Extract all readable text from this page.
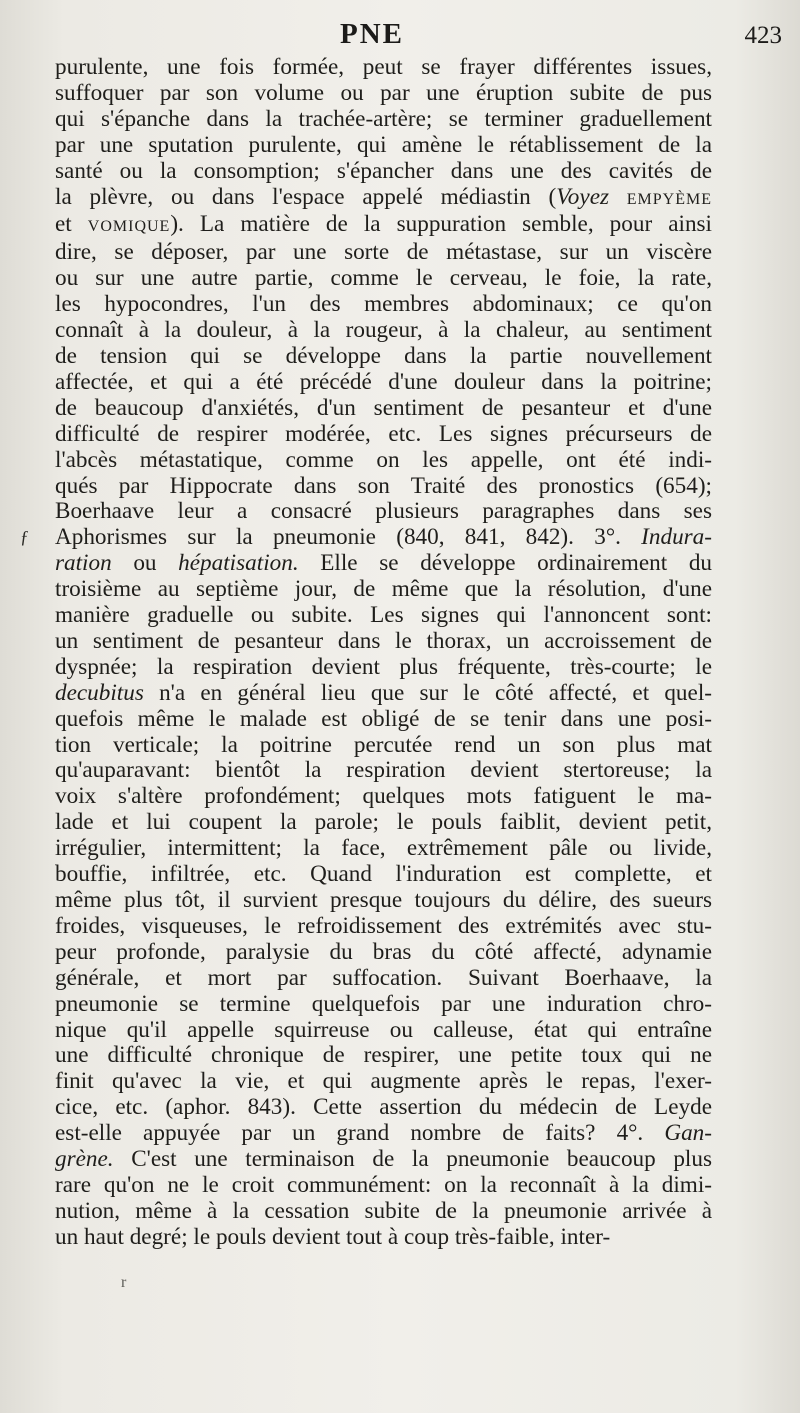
PNE	423
ƒ
purulente, une fois formée, peut se frayer différentes issues,
suffoquer par son volume ou par une éruption subite de pus
qui s'épanche dans la trachée-artère; se terminer graduellement
par une sputation purulente, qui amène le rétablissement de la
santé ou la consomption; s'épancher dans une des cavités de
la plèvre, ou dans l'espace appelé médiastin (Voyez EMPYÈME
et VOMIQUE). La matière de la suppuration semble, pour ainsi
dire, se déposer, par une sorte de métastase, sur un viscère
ou sur une autre partie, comme le cerveau, le foie, la rate,
les hypocondres, l'un des membres abdominaux; ce qu'on
connaît à la douleur, à la rougeur, à la chaleur, au sentiment
de tension qui se développe dans la partie nouvellement
affectée, et qui a été précédé d'une douleur dans la poitrine;
de beaucoup d'anxiétés, d'un sentiment de pesanteur et d'une
difficulté de respirer modérée, etc. Les signes précurseurs de
l'abcès métastatique, comme on les appelle, ont été indi-
qués par Hippocrate dans son Traité des pronostics (654);
Boerhaave leur a consacré plusieurs paragraphes dans ses
Aphorismes sur la pneumonie (840, 841, 842). 3°. Indura-
ration ou hépatisation. Elle se développe ordinairement du
troisième au septième jour, de même que la résolution, d'une
manière graduelle ou subite. Les signes qui l'annoncent sont:
un sentiment de pesanteur dans le thorax, un accroissement de
dyspnée; la respiration devient plus fréquente, très-courte; le
decubitus n'a en général lieu que sur le côté affecté, et quel-
quefois même le malade est obligé de se tenir dans une posi-
tion verticale; la poitrine percutée rend un son plus mat
qu'auparavant: bientôt la respiration devient stertoreuse; la
voix s'altère profondément; quelques mots fatiguent le ma-
lade et lui coupent la parole; le pouls faiblit, devient petit,
irrégulier, intermittent; la face, extrêmement pâle ou livide,
bouffie, infiltrée, etc. Quand l'induration est complette, et
même plus tôt, il survient presque toujours du délire, des sueurs
froides, visqueuses, le refroidissement des extrémités avec stu-
peur profonde, paralysie du bras du côté affecté, adynamie
générale, et mort par suffocation. Suivant Boerhaave, la
pneumonie se termine quelquefois par une induration chro-
nique qu'il appelle squirreuse ou calleuse, état qui entraîne
une difficulté chronique de respirer, une petite toux qui ne
finit qu'avec la vie, et qui augmente après le repas, l'exer-
cice, etc. (aphor. 843). Cette assertion du médecin de Leyde
est-elle appuyée par un grand nombre de faits? 4°. Gan-
grène. C'est une terminaison de la pneumonie beaucoup plus
rare qu'on ne le croit communément: on la reconnaît à la dimi-
nution, même à la cessation subite de la pneumonie arrivée à
un haut degré; le pouls devient tout à coup très-faible, inter-
r
